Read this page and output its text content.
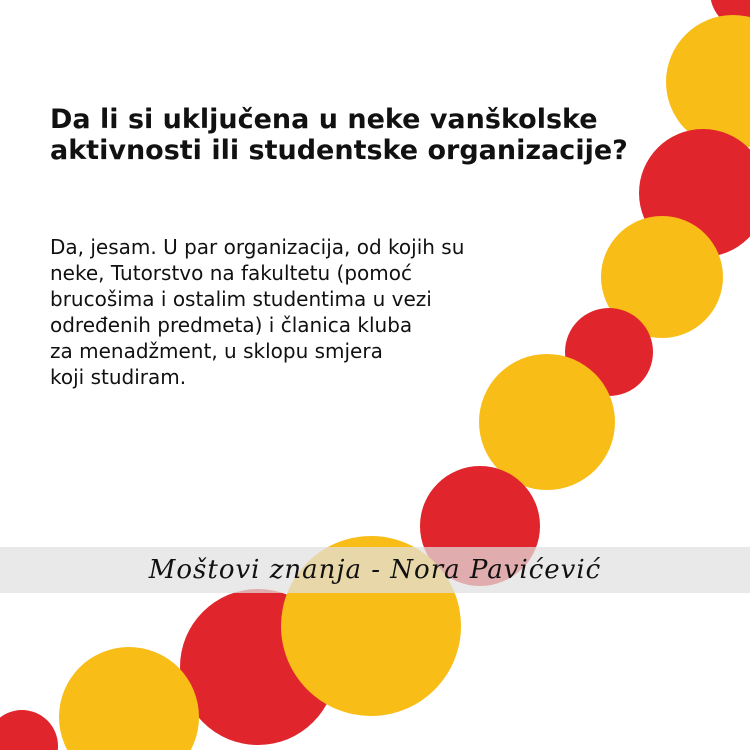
Da li si uključena u neke vanškolske aktivnosti ili studentske organizacije?

Da, jesam. U par organizacija, od kojih su
neke, Tutorstvo na fakultetu (pomoć
brucošima i ostalim studentima u vezi
određenih predmeta) i članica kluba
za menadžment, u sklopu smjera
koji studiram.

Moštovi znanja - Nora Pavićević
